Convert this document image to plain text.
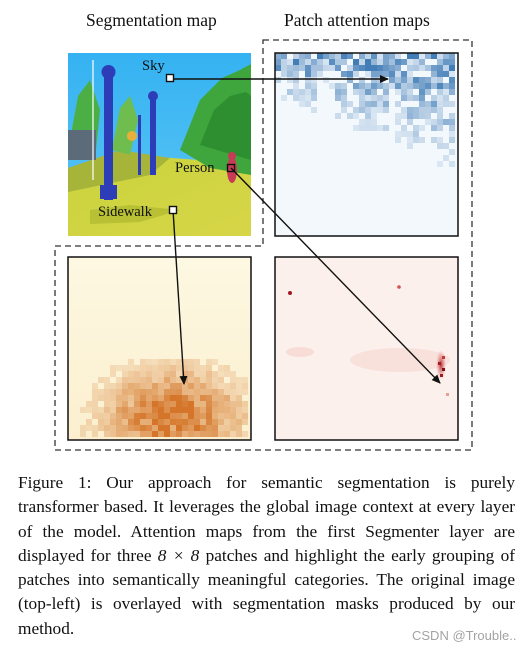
Segmentation map	Patch attention maps
Sky
Person
Sidewalk

Figure 1: Our approach for semantic segmentation is purely transformer based. It leverages the global image context at every layer of the model. Attention maps from the first Segmenter layer are displayed for three 8 × 8 patches and highlight the early grouping of patches into semantically meaningful categories. The original image (top-left) is overlayed with segmentation masks produced by our method.	CSDN @Trouble..
